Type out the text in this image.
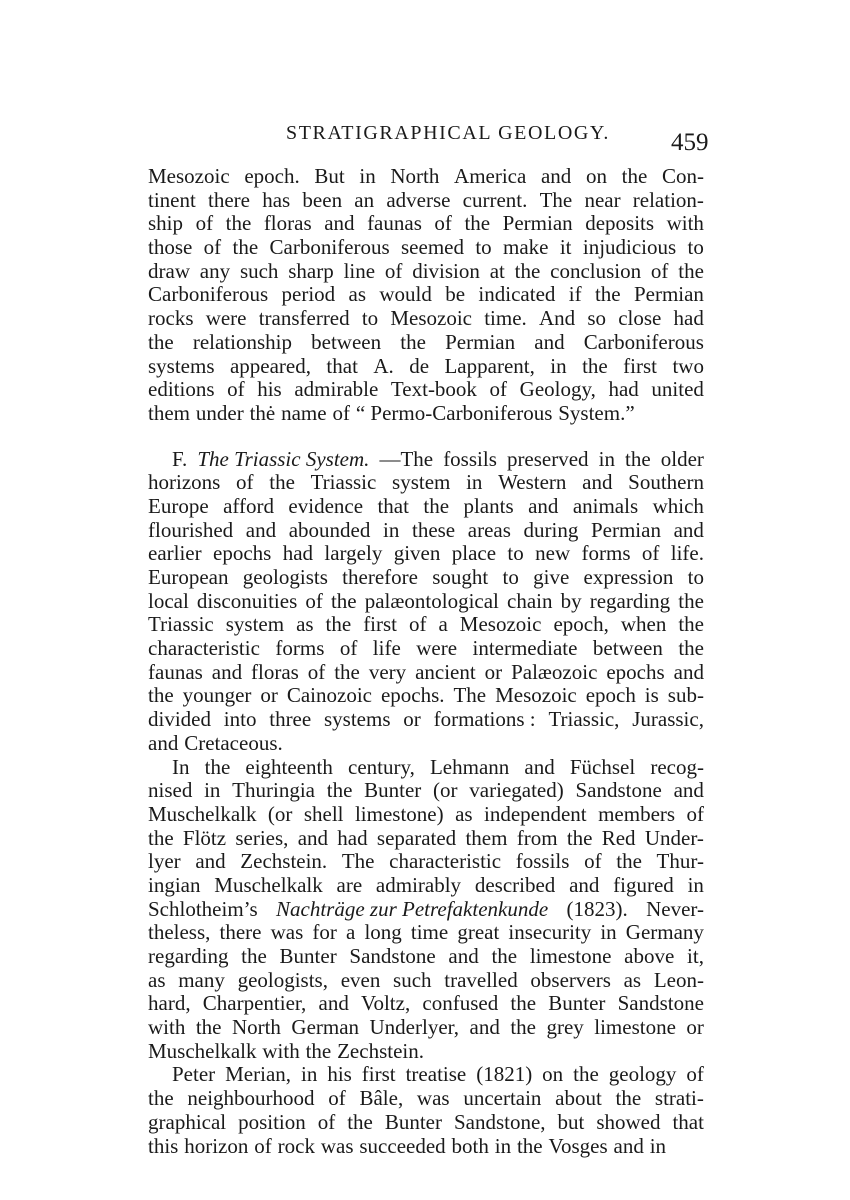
STRATIGRAPHICAL GEOLOGY. 459
Mesozoic epoch. But in North America and on the Con-
tinent there has been an adverse current. The near relation-
ship of the floras and faunas of the Permian deposits with
those of the Carboniferous seemed to make it injudicious to
draw any such sharp line of division at the conclusion of the
Carboniferous period as would be indicated if the Permian
rocks were transferred to Mesozoic time. And so close had
the relationship between the Permian and Carboniferous
systems appeared, that A. de Lapparent, in the first two
editions of his admirable Text-book of Geology, had united
them under thė name of “ Permo-Carboniferous System.”
F. The Triassic System. —The fossils preserved in the older
horizons of the Triassic system in Western and Southern
Europe afford evidence that the plants and animals which
flourished and abounded in these areas during Permian and
earlier epochs had largely given place to new forms of life.
European geologists therefore sought to give expression to
local disconuities of the palæontological chain by regarding the
Triassic system as the first of a Mesozoic epoch, when the
characteristic forms of life were intermediate between the
faunas and floras of the very ancient or Palæozoic epochs and
the younger or Cainozoic epochs. The Mesozoic epoch is sub-
divided into three systems or formations : Triassic, Jurassic,
and Cretaceous.
In the eighteenth century, Lehmann and Füchsel recog-
nised in Thuringia the Bunter (or variegated) Sandstone and
Muschelkalk (or shell limestone) as independent members of
the Flötz series, and had separated them from the Red Under-
lyer and Zechstein. The characteristic fossils of the Thur-
ingian Muschelkalk are admirably described and figured in
Schlotheim’s Nachträge zur Petrefaktenkunde (1823). Never-
theless, there was for a long time great insecurity in Germany
regarding the Bunter Sandstone and the limestone above it,
as many geologists, even such travelled observers as Leon-
hard, Charpentier, and Voltz, confused the Bunter Sandstone
with the North German Underlyer, and the grey limestone or
Muschelkalk with the Zechstein.
Peter Merian, in his first treatise (1821) on the geology of
the neighbourhood of Bâle, was uncertain about the strati-
graphical position of the Bunter Sandstone, but showed that
this horizon of rock was succeeded both in the Vosges and in
